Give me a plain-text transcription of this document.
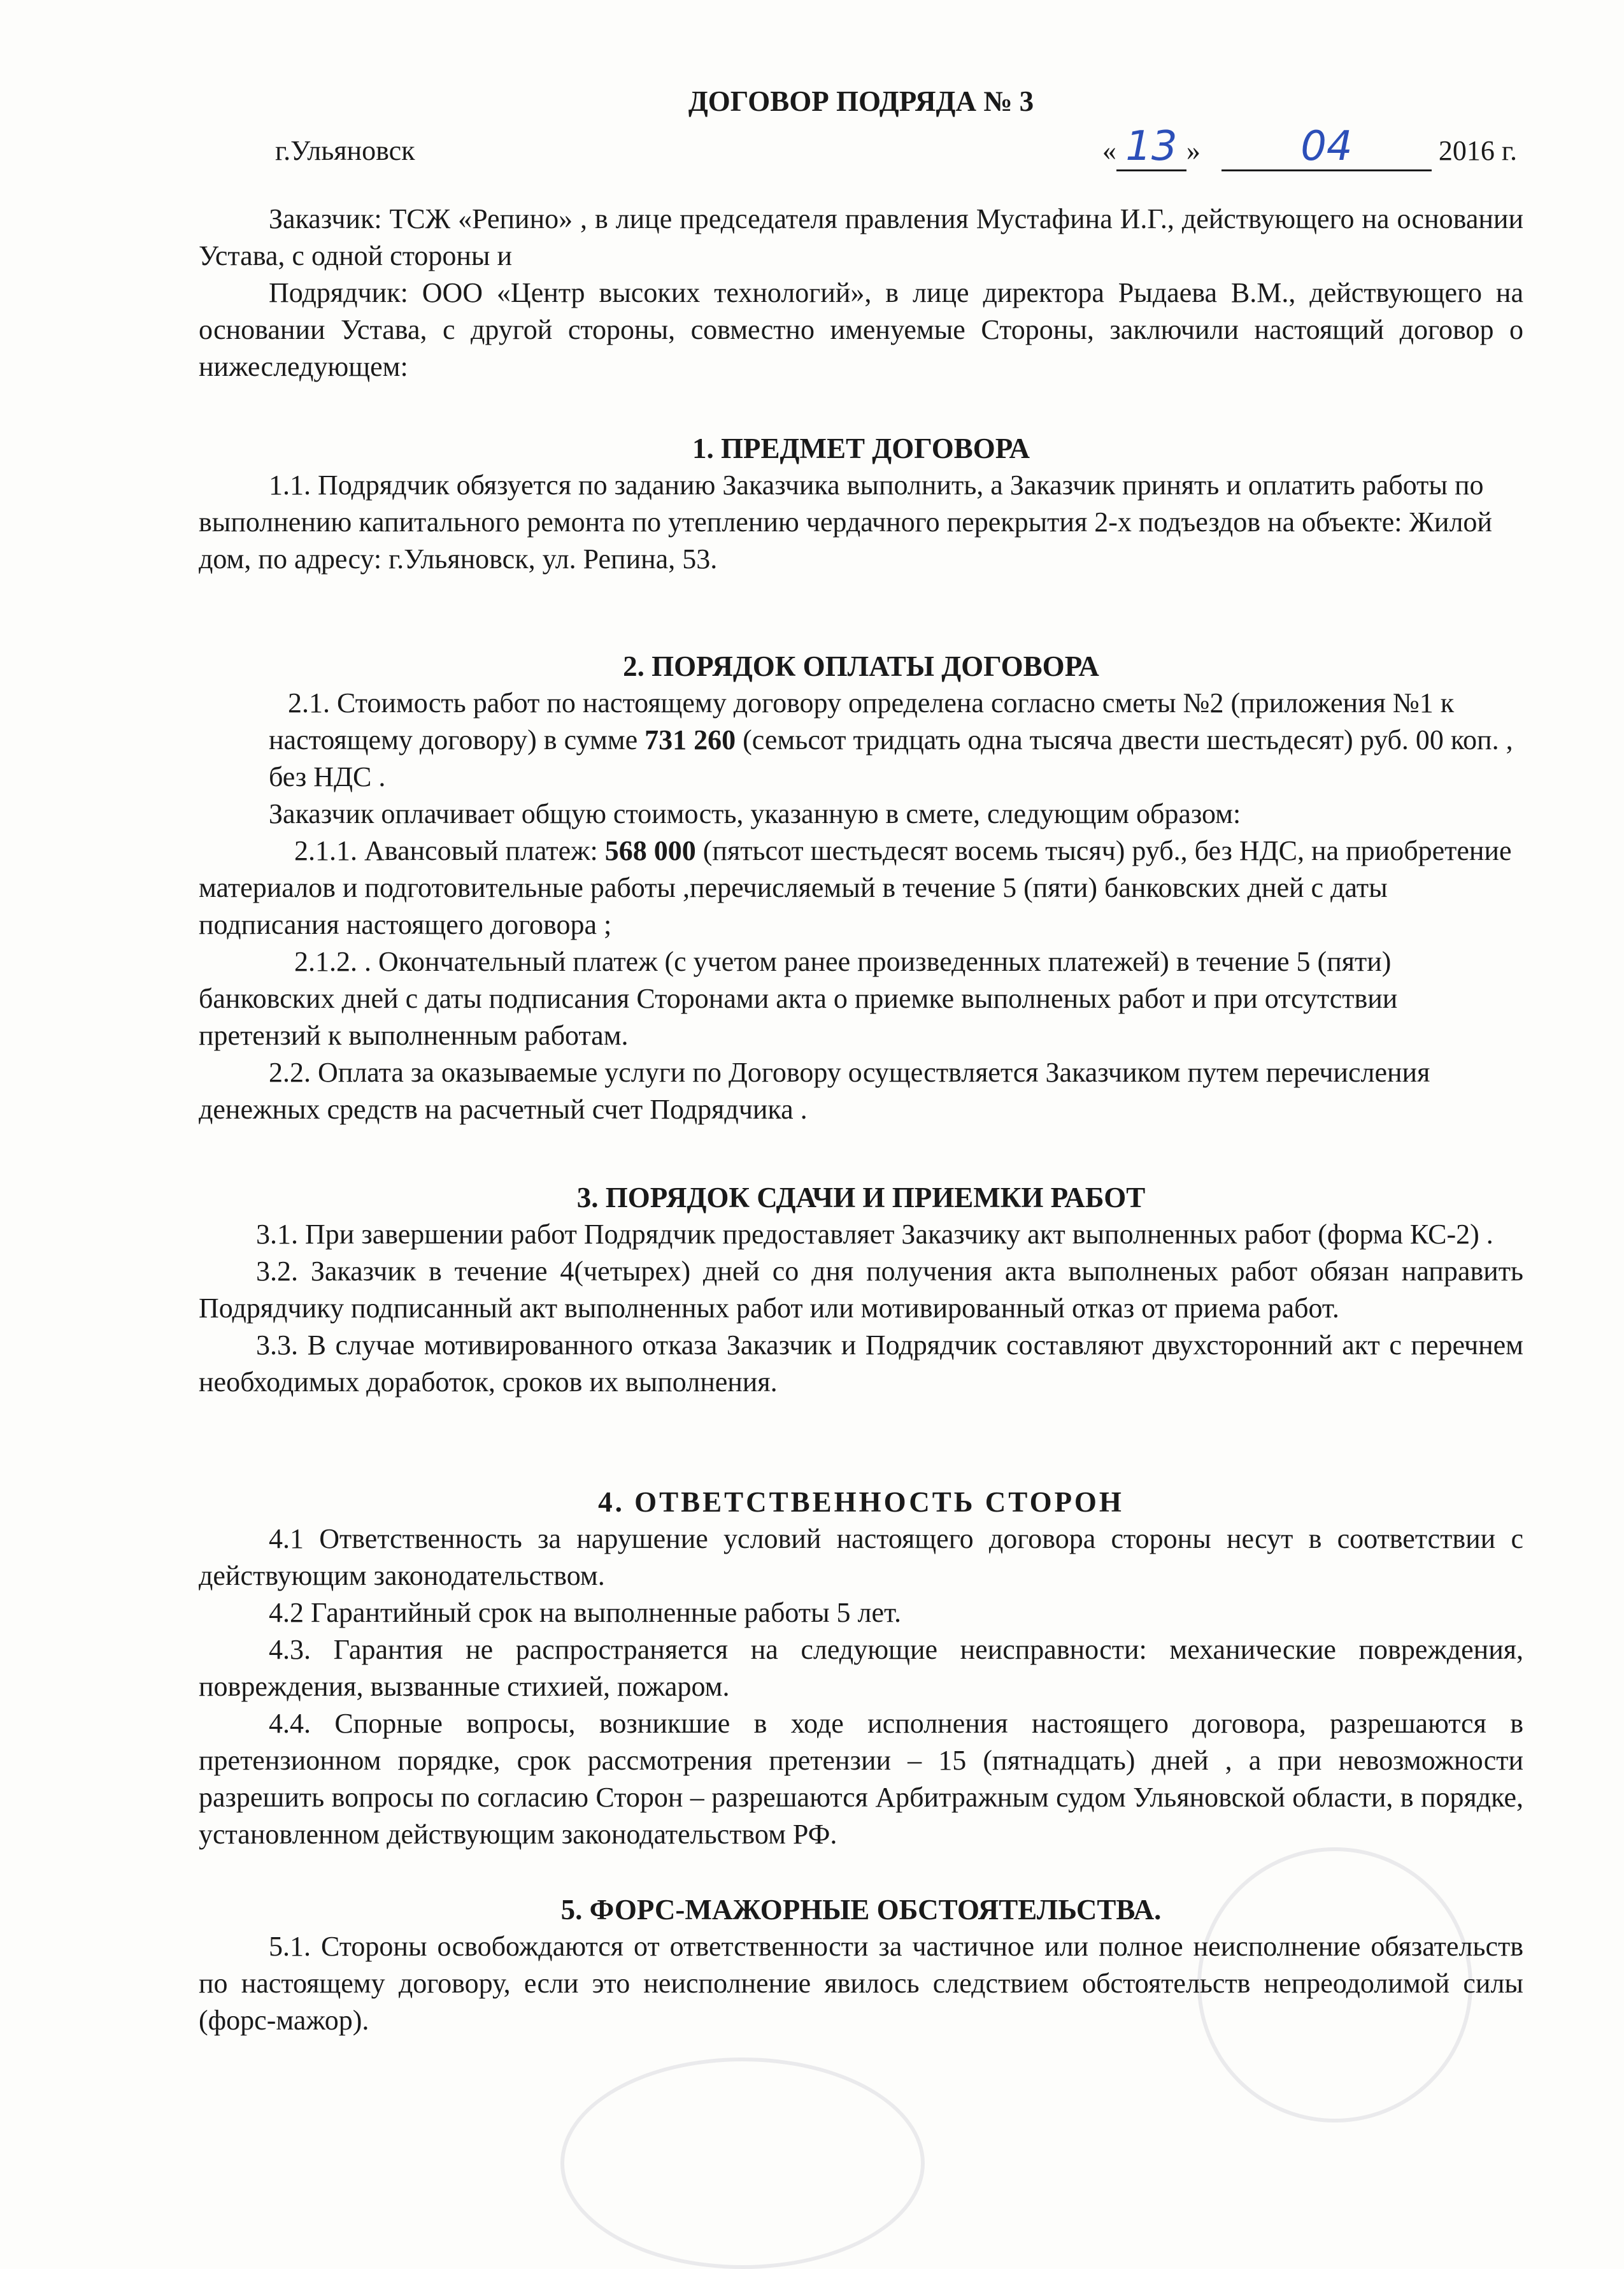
ДОГОВОР ПОДРЯДА № 3

г.Ульяновск	« 13 » 04	2016 г.

Заказчик: ТСЖ «Репино» , в лице председателя правления Мустафина И.Г., действующего на основании Устава, с одной стороны и

Подрядчик: ООО «Центр высоких технологий», в лице директора Рыдаева В.М., действующего на основании Устава, с другой стороны, совместно именуемые Стороны, заключили настоящий договор о нижеследующем:

1. ПРЕДМЕТ ДОГОВОРА

1.1. Подрядчик обязуется по заданию Заказчика выполнить, а Заказчик принять и оплатить работы по выполнению капитального ремонта по утеплению чердачного перекрытия 2-х подъездов на объекте: Жилой дом, по адресу: г.Ульяновск, ул. Репина, 53.

2. ПОРЯДОК ОПЛАТЫ ДОГОВОРА

2.1. Стоимость работ по настоящему договору определена согласно сметы №2 (приложения №1 к настоящему договору) в сумме 731 260 (семьсот тридцать одна тысяча двести шестьдесят) руб. 00 коп. , без НДС .

Заказчик оплачивает общую стоимость, указанную в смете, следующим образом:

2.1.1. Авансовый платеж: 568 000 (пятьсот шестьдесят восемь тысяч) руб., без НДС, на приобретение материалов и подготовительные работы ,перечисляемый в течение 5 (пяти) банковских дней с даты подписания настоящего договора ;

2.1.2. . Окончательный платеж (с учетом ранее произведенных платежей) в течение 5 (пяти) банковских дней с даты подписания Сторонами акта о приемке выполненых работ и при отсутствии претензий к выполненным работам.

2.2. Оплата за оказываемые услуги по Договору осуществляется Заказчиком путем перечисления денежных средств на расчетный счет Подрядчика .

3. ПОРЯДОК СДАЧИ И ПРИЕМКИ РАБОТ

3.1. При завершении работ Подрядчик предоставляет Заказчику акт выполненных работ (форма КС-2) .

3.2. Заказчик в течение 4(четырех) дней со дня получения акта выполненых работ обязан направить Подрядчику подписанный акт выполненных работ или мотивированный отказ от приема работ.

3.3. В случае мотивированного отказа Заказчик и Подрядчик составляют двухсторонний акт с перечнем необходимых доработок, сроков их выполнения.

4. ОТВЕТСТВЕННОСТЬ СТОРОН

4.1 Ответственность за нарушение условий настоящего договора стороны несут в соответствии с действующим законодательством.

4.2 Гарантийный срок на выполненные работы 5 лет.

4.3. Гарантия не распространяется на следующие неисправности: механические повреждения, повреждения, вызванные стихией, пожаром.

4.4. Спорные вопросы, возникшие в ходе исполнения настоящего договора, разрешаются в претензионном порядке, срок рассмотрения претензии – 15 (пятнадцать) дней , а при невозможности разрешить вопросы по согласию Сторон – разрешаются Арбитражным судом Ульяновской области, в порядке, установленном действующим законодательством РФ.

5. ФОРС-МАЖОРНЫЕ ОБСТОЯТЕЛЬСТВА.

5.1. Стороны освобождаются от ответственности за частичное или полное неисполнение обязательств по настоящему договору, если это неисполнение явилось следствием обстоятельств непреодолимой силы (форс-мажор).
